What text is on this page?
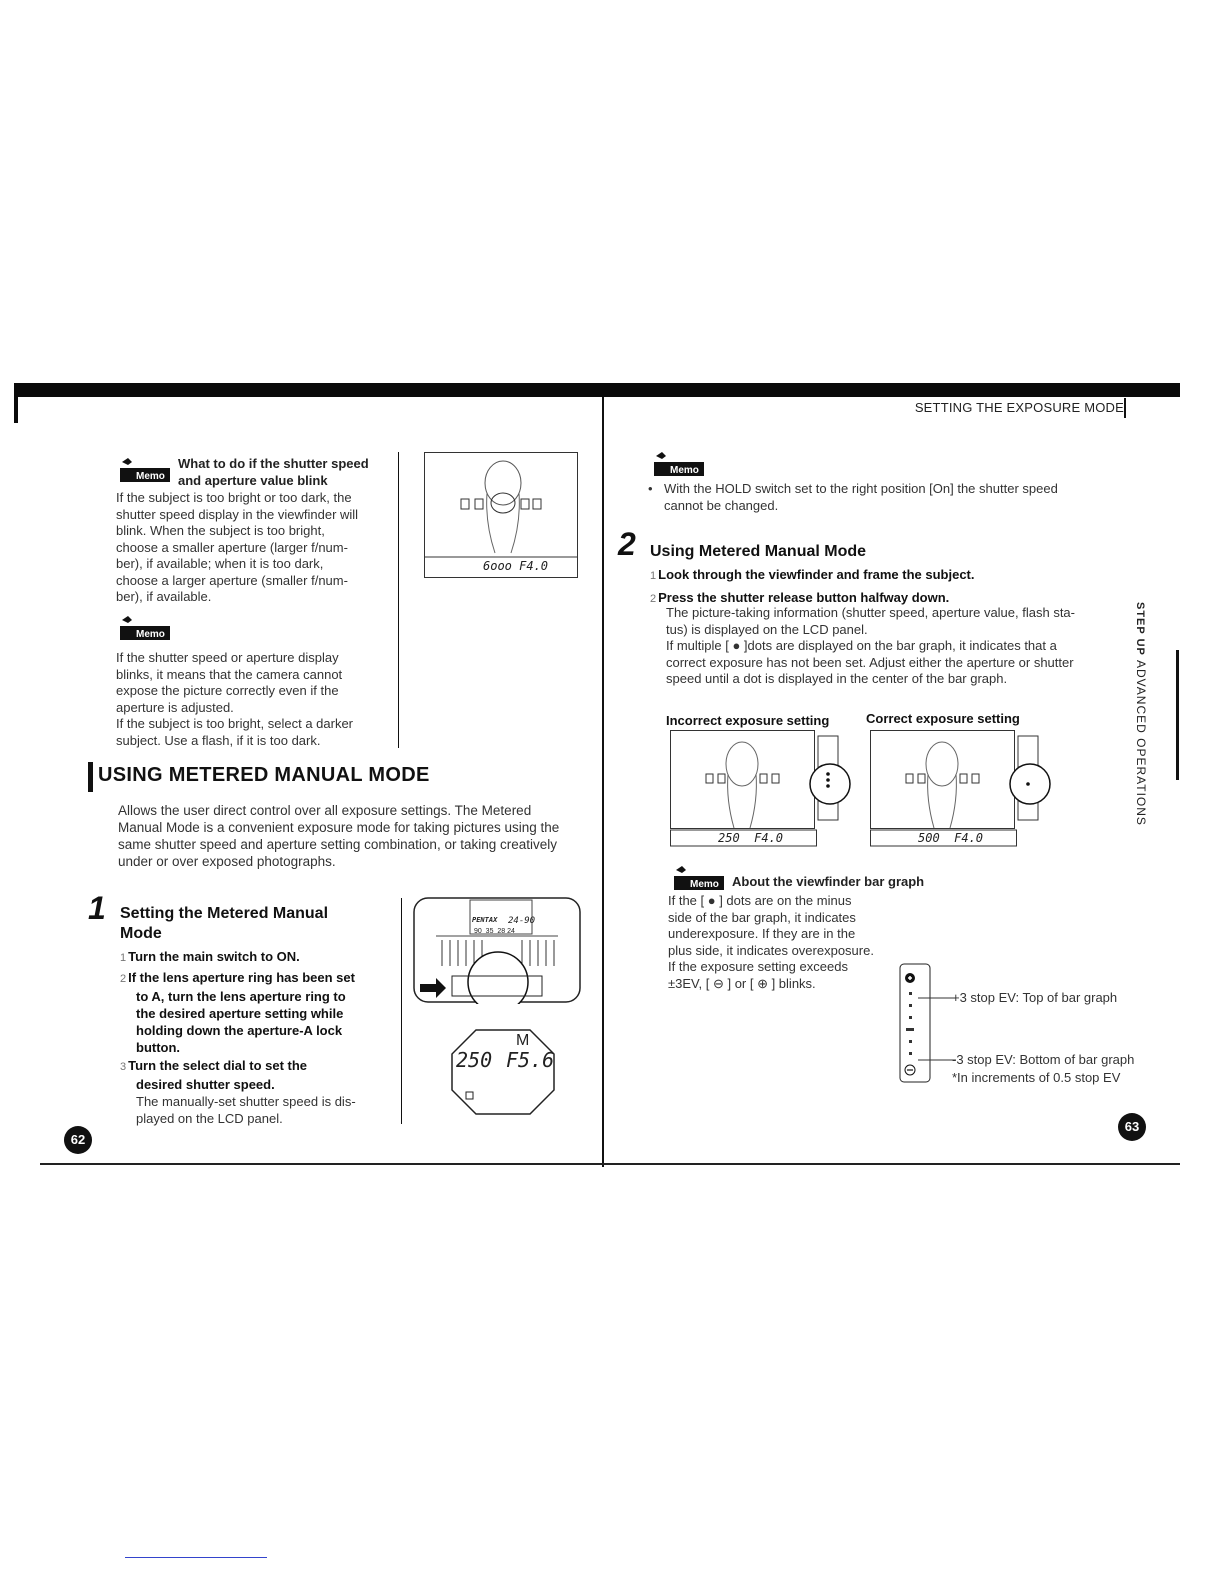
SETTING THE EXPOSURE MODE
Memo
What to do if the shutter speed
and aperture value blink

If the subject is too bright or too dark, the

shutter speed display in the viewfinder will

blink. When the subject is too bright,

choose a smaller aperture (larger f/num-

ber), if available; when it is too dark,

choose a larger aperture (smaller f/num-

ber), if available.

6ooo F4.0
Memo

If the shutter speed or aperture display

blinks, it means that the camera cannot

expose the picture correctly even if the

aperture is adjusted.

If the subject is too bright, select a darker

subject. Use a flash, if it is too dark.

USING METERED MANUAL MODE

Allows the user direct control over all exposure settings. The Metered

Manual Mode is a convenient exposure mode for taking pictures using the

same shutter speed and aperture setting combination, or taking creatively

under or over exposed photographs.

1 Setting the Metered Manual
Mode
1 Turn the main switch to ON.
2 If the lens aperture ring has been set
to A, turn the lens aperture ring to
the desired aperture setting while
holding down the aperture-A lock
button.
3 Turn the select dial to set the
desired shutter speed.
The manually-set shutter speed is dis-
played on the LCD panel.
PENTAX 24-90
90  35  28 24
M
250 F5.6
62
Memo

• With the HOLD switch set to the right position [On] the shutter speed

cannot be changed.

2 Using Metered Manual Mode
1 Look through the viewfinder and frame the subject.
2 Press the shutter release button halfway down.

The picture-taking information (shutter speed, aperture value, flash sta-

tus) is displayed on the LCD panel.

If multiple [ ● ]dots are displayed on the bar graph, it indicates that a

correct exposure has not been set. Adjust either the aperture or shutter

speed until a dot is displayed in the center of the bar graph.

Incorrect exposure setting	Correct exposure setting
250  F4.0	500  F4.0
Memo About the viewfinder bar graph

If the [ ● ] dots are on the minus

side of the bar graph, it indicates

underexposure. If they are in the

plus side, it indicates overexposure.

If the exposure setting exceeds

±3EV, [ ⊖ ] or [ ⊕ ] blinks.

+3 stop EV: Top of bar graph
-3 stop EV: Bottom of bar graph
*In increments of 0.5 stop EV
STEP UP
ADVANCED OPERATIONS
63
